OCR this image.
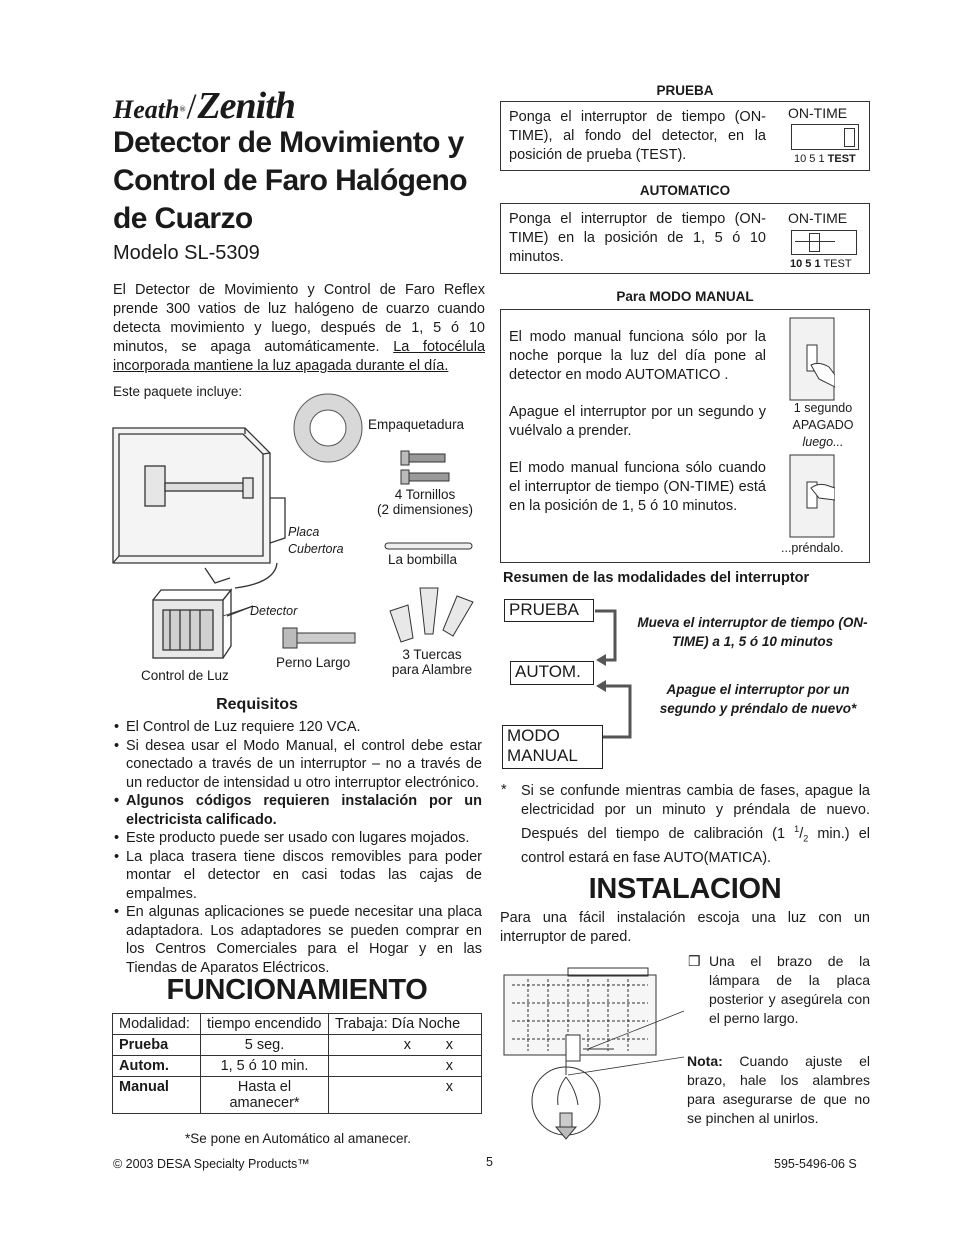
Heath®/Zenith
Detector de Movimiento y
Control de Faro Halógeno
de Cuarzo
Modelo SL-5309

El Detector de Movimiento y Control de Faro Reflex prende 300 vatios de luz halógeno de cuarzo cuando detecta movimiento y luego, después de 1, 5 ó 10 minutos, se apaga automáticamente. La fotocélula incorporada mantiene la luz apagada durante el día.

Este paquete incluye:
Empaquetadura
4 Tornillos
(2 dimensiones)
Placa
Cubertora
La bombilla
Detector
Perno Largo
3 Tuercas
para Alambre
Control de Luz
Requisitos
• El Control de Luz requiere 120 VCA.
• Si desea usar el Modo Manual, el control debe estar conectado a través de un interruptor – no a través de un reductor de intensidad u otro interruptor electrónico.
• Algunos códigos requieren instalación por un electricista calificado.
• Este producto puede ser usado con lugares mojados.
• La placa trasera tiene discos removibles para poder montar el detector en casi todas las cajas de empalmes.
• En algunas aplicaciones se puede necesitar una placa adaptadora. Los adaptadores se pueden comprar en los Centros Comerciales para el Hogar y en las Tiendas de Aparatos Eléctricos.
FUNCIONAMIENTO
Modalidad:	tiempo encendido	Trabaja: Día Noche
Prueba	5 seg.	x x
Autom.	1, 5 ó 10 min.	x
Manual	Hasta el amanecer*	x
*Se pone en Automático al amanecer.
PRUEBA

Ponga el interruptor de tiempo (ON-TIME), al fondo del detector, en la posición de prueba (TEST).

ON-TIME
10 5 1 TEST
AUTOMATICO

Ponga el interruptor de tiempo (ON-TIME) en la posición de 1, 5 ó 10 minutos.

ON-TIME
10 5 1 TEST
Para MODO MANUAL

El modo manual funciona sólo por la noche porque la luz del día pone al detector en modo AUTOMATICO .

Apague el interruptor por un segundo y vuélvalo a prender.

El modo manual funciona sólo cuando el interruptor de tiempo (ON-TIME) está en la posición de 1, 5 ó 10 minutos.

1 segundo
APAGADO
luego...
...préndalo.
Resumen de las modalidades del interruptor
PRUEBA
AUTOM.
MODO
MANUAL
Mueva el interruptor de tiempo (ON-TIME) a 1, 5 ó 10 minutos
Apague el interruptor por un segundo y préndalo de nuevo*
* Si se confunde mientras cambia de fases, apague la electricidad por un minuto y préndala de nuevo. Después del tiempo de calibración (1 $^1/_2$ min.) el control estará en fase AUTO(MATICA).

INSTALACION

Para una fácil instalación escoja una luz con un interruptor de pared.

❒ Una el brazo de la lámpara de la placa posterior y asegúrela con el perno largo.

Nota: Cuando ajuste el brazo, hale los alambres para asegurarse de que no se pinchen al unirlos.

© 2003 DESA Specialty Products™	5	595-5496-06 S
